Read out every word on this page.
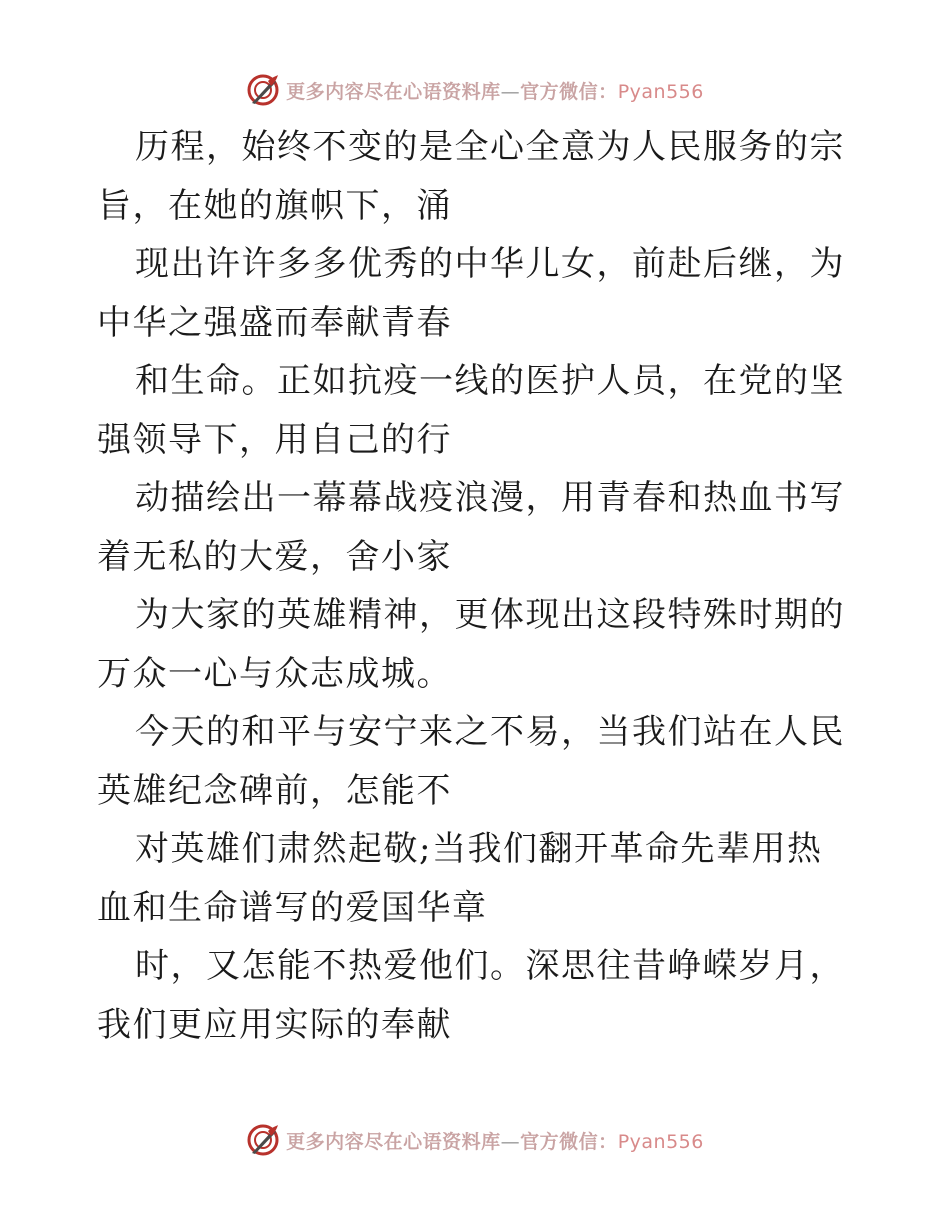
更多内容尽在心语资料库—官方微信：Pyan556

历程，始终不变的是全心全意为人民服务的宗旨，在她的旗帜下，涌

现出许许多多优秀的中华儿女，前赴后继，为中华之强盛而奉献青春

和生命。正如抗疫一线的医护人员，在党的坚强领导下，用自己的行

动描绘出一幕幕战疫浪漫，用青春和热血书写着无私的大爱，舍小家

为大家的英雄精神，更体现出这段特殊时期的万众一心与众志成城。

今天的和平与安宁来之不易，当我们站在人民英雄纪念碑前，怎能不

对英雄们肃然起敬;当我们翻开革命先辈用热血和生命谱写的爱国华章

时，又怎能不热爱他们。深思往昔峥嵘岁月，我们更应用实际的奉献

更多内容尽在心语资料库—官方微信：Pyan556
